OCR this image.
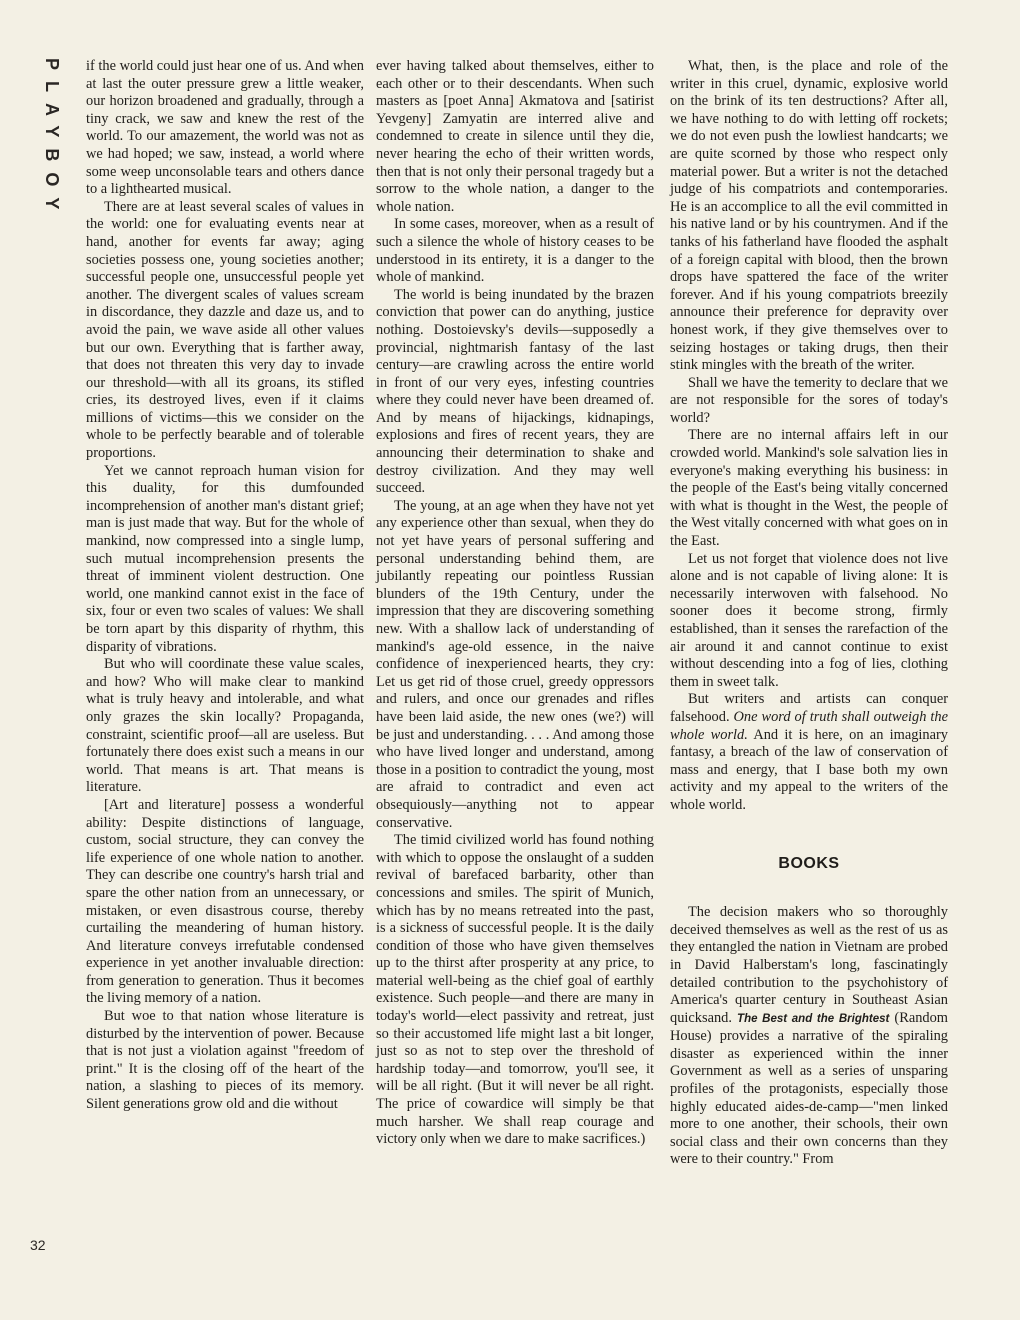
PLAYBOY if the world could just hear one of us. And when at last the outer pressure grew a little weaker, our horizon broadened and gradually, through a tiny crack, we saw and knew the rest of the world. To our amazement, the world was not as we had hoped; we saw, instead, a world where some weep unconsolable tears and others dance to a lighthearted musical.

There are at least several scales of values in the world: one for evaluating events near at hand, another for events far away; aging societies possess one, young societies another; successful people one, unsuccessful people yet another. The divergent scales of values scream in discordance, they dazzle and daze us, and to avoid the pain, we wave aside all other values but our own. Everything that is farther away, that does not threaten this very day to invade our threshold—with all its groans, its stifled cries, its destroyed lives, even if it claims millions of victims—this we consider on the whole to be perfectly bearable and of tolerable proportions.

Yet we cannot reproach human vision for this duality, for this dumfounded incomprehension of another man's distant grief; man is just made that way. But for the whole of mankind, now compressed into a single lump, such mutual incomprehension presents the threat of imminent violent destruction. One world, one mankind cannot exist in the face of six, four or even two scales of values: We shall be torn apart by this disparity of rhythm, this disparity of vibrations.

But who will coordinate these value scales, and how? Who will make clear to mankind what is truly heavy and intolerable, and what only grazes the skin locally? Propaganda, constraint, scientific proof—all are useless. But fortunately there does exist such a means in our world. That means is art. That means is literature.

[Art and literature] possess a wonderful ability: Despite distinctions of language, custom, social structure, they can convey the life experience of one whole nation to another. They can describe one country's harsh trial and spare the other nation from an unnecessary, or mistaken, or even disastrous course, thereby curtailing the meandering of human history. And literature conveys irrefutable condensed experience in yet another invaluable direction: from generation to generation. Thus it becomes the living memory of a nation.

But woe to that nation whose literature is disturbed by the intervention of power. Because that is not just a violation against "freedom of print." It is the closing off of the heart of the nation, a slashing to pieces of its memory. Silent generations grow old and die without

ever having talked about themselves, either to each other or to their descendants. When such masters as [poet Anna] Akmatova and [satirist Yevgeny] Zamyatin are interred alive and condemned to create in silence until they die, never hearing the echo of their written words, then that is not only their personal tragedy but a sorrow to the whole nation, a danger to the whole nation.

In some cases, moreover, when as a result of such a silence the whole of history ceases to be understood in its entirety, it is a danger to the whole of mankind.

The world is being inundated by the brazen conviction that power can do anything, justice nothing. Dostoievsky's devils—supposedly a provincial, nightmarish fantasy of the last century—are crawling across the entire world in front of our very eyes, infesting countries where they could never have been dreamed of. And by means of hijackings, kidnapings, explosions and fires of recent years, they are announcing their determination to shake and destroy civilization. And they may well succeed.

The young, at an age when they have not yet any experience other than sexual, when they do not yet have years of personal suffering and personal understanding behind them, are jubilantly repeating our pointless Russian blunders of the 19th Century, under the impression that they are discovering something new. With a shallow lack of understanding of mankind's age-old essence, in the naive confidence of inexperienced hearts, they cry: Let us get rid of those cruel, greedy oppressors and rulers, and once our grenades and rifles have been laid aside, the new ones (we?) will be just and understanding. . . . And among those who have lived longer and understand, among those in a position to contradict the young, most are afraid to contradict and even act obsequiously—anything not to appear conservative.

The timid civilized world has found nothing with which to oppose the onslaught of a sudden revival of barefaced barbarity, other than concessions and smiles. The spirit of Munich, which has by no means retreated into the past, is a sickness of successful people. It is the daily condition of those who have given themselves up to the thirst after prosperity at any price, to material well-being as the chief goal of earthly existence. Such people—and there are many in today's world—elect passivity and retreat, just so their accustomed life might last a bit longer, just so as not to step over the threshold of hardship today—and tomorrow, you'll see, it will be all right. (But it will never be all right. The price of cowardice will simply be that much harsher. We shall reap courage and victory only when we dare to make sacrifices.)

What, then, is the place and role of the writer in this cruel, dynamic, explosive world on the brink of its ten destructions? After all, we have nothing to do with letting off rockets; we do not even push the lowliest handcarts; we are quite scorned by those who respect only material power. But a writer is not the detached judge of his compatriots and contemporaries. He is an accomplice to all the evil committed in his native land or by his countrymen. And if the tanks of his fatherland have flooded the asphalt of a foreign capital with blood, then the brown drops have spattered the face of the writer forever. And if his young compatriots breezily announce their preference for depravity over honest work, if they give themselves over to seizing hostages or taking drugs, then their stink mingles with the breath of the writer.

Shall we have the temerity to declare that we are not responsible for the sores of today's world?

There are no internal affairs left in our crowded world. Mankind's sole salvation lies in everyone's making everything his business: in the people of the East's being vitally concerned with what is thought in the West, the people of the West vitally concerned with what goes on in the East.

Let us not forget that violence does not live alone and is not capable of living alone: It is necessarily interwoven with falsehood. No sooner does it become strong, firmly established, than it senses the rarefaction of the air around it and cannot continue to exist without descending into a fog of lies, clothing them in sweet talk.

But writers and artists can conquer falsehood. One word of truth shall outweigh the whole world. And it is here, on an imaginary fantasy, a breach of the law of conservation of mass and energy, that I base both my own activity and my appeal to the writers of the whole world.

BOOKS

The decision makers who so thoroughly deceived themselves as well as the rest of us as they entangled the nation in Vietnam are probed in David Halberstam's long, fascinatingly detailed contribution to the psychohistory of America's quarter century in Southeast Asian quicksand. The Best and the Brightest (Random House) provides a narrative of the spiraling disaster as experienced within the inner Government as well as a series of unsparing profiles of the protagonists, especially those highly educated aides-de-camp—"men linked more to one another, their schools, their own social class and their own concerns than they were to their country." From

32
